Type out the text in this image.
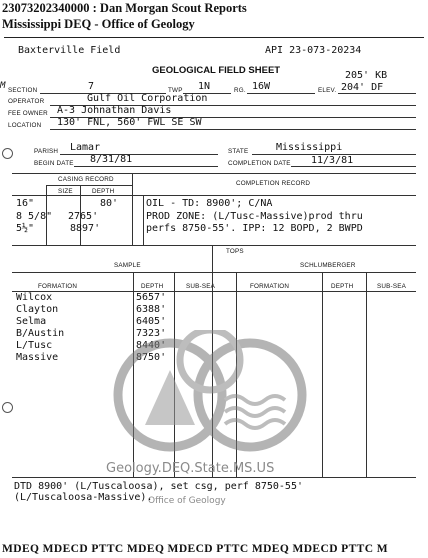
23073202340000 : Dan Morgan Scout Reports
Mississippi DEQ - Office of Geology
M
Baxterville Field	API 23-073-20234
GEOLOGICAL FIELD SHEET	205' KB
SECTION	7	TWP 1N	RG. 16W	ELEV. 204' DF
OPERATOR	Gulf Oil Corporation
FEE OWNER A-3 Johnathan Davis
LOCATION 130' FNL, 560' FWL SE SW
PARISH Lamar	STATE	Mississippi
BEGIN DATE 8/31/81	COMPLETION DATE 11/3/81
CASING RECORD
COMPLETION RECORD
SIZE	DEPTH
16"	80'
8 5/8" 2765'
5½"	8897'
OIL - TD: 8900'; C/NA
PROD ZONE: (L/Tusc-Massive)prod thru
perfs 8750-55'. IPP: 12 BOPD, 2 BWPD
TOPS
SAMPLE	SCHLUMBERGER
FORMATION	DEPTH	SUB-SEA	FORMATION	DEPTH	SUB-SEA
Wilcox	5657'
Clayton	6388'
Selma	6405'
B/Austin	7323'
L/Tusc	8440'
Massive	8750'
Geology.DEQ.State.MS.US
Office of Geology
DTD 8900' (L/Tuscaloosa), set csg, perf 8750-55'
(L/Tuscaloosa-Massive).
MDEQ MDECD PTTC MDEQ MDECD PTTC MDEQ MDECD PTTC M
